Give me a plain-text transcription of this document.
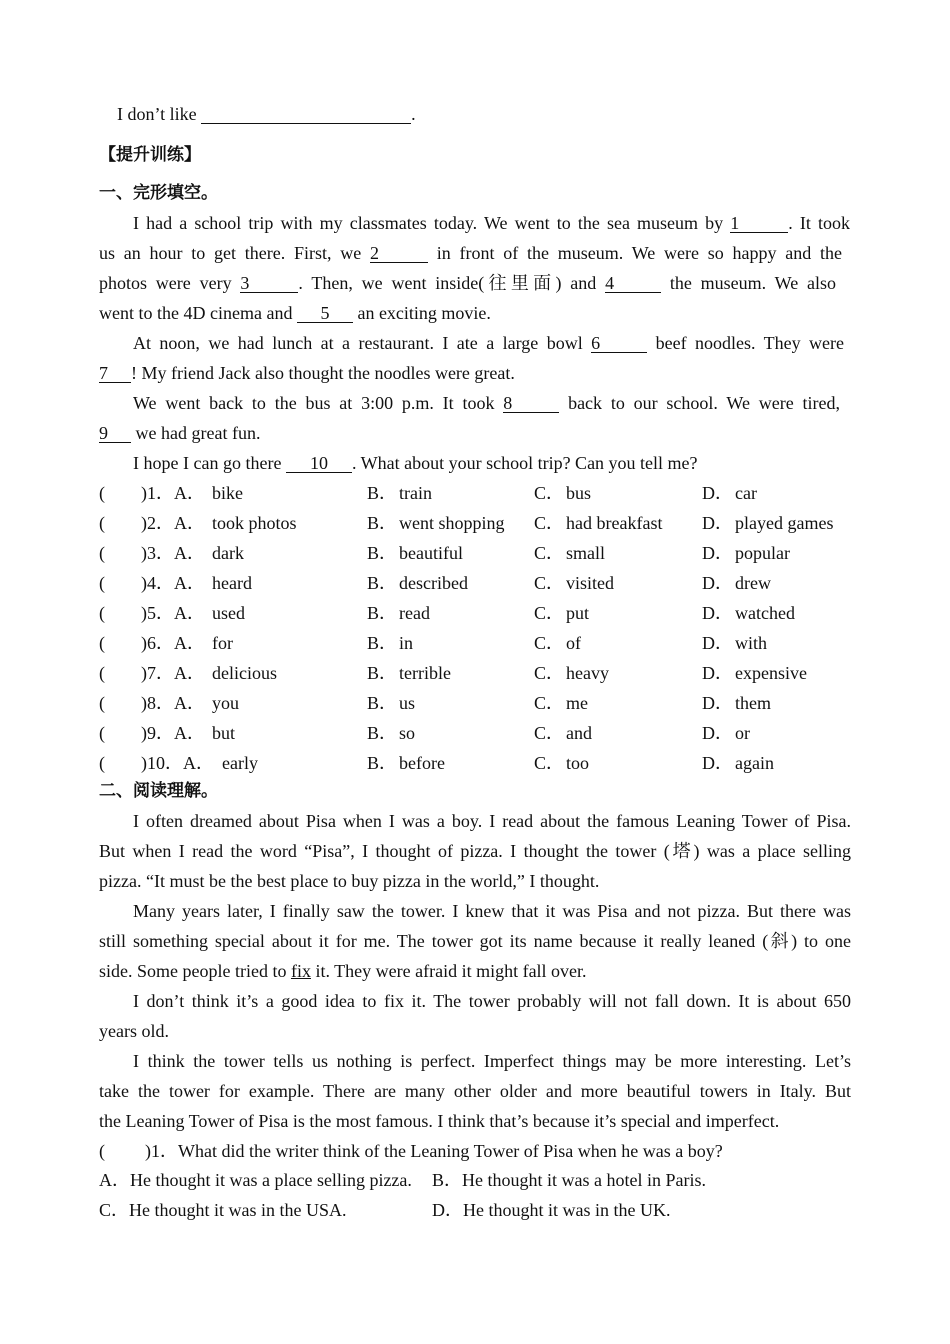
I don’t like	.
【提升训练】
一、完形填空。
I had a school trip with my classmates today. We went to the sea museum by 1	. It took
us an hour to get there. First, we 2	in front of the museum. We were so happy and the
photos were very 3	. Then, we went inside(往里面) and 4	the museum. We also
went to the 4D cinema and 5 an exciting movie.
At noon, we had lunch at a restaurant. I ate a large bowl 6	beef noodles. They were
7 ! My friend Jack also thought the noodles were great.
We went back to the bus at 3:00 p.m. It took 8	back to our school. We were tired,
9 we had great fun.
I hope I can go there 10 . What about your school trip? Can you tell me?
( )1．A． bike	B． train	C． bus	D． car
( )2．A． took photos	B． went shopping C． had breakfast D． played games
( )3．A． dark	B． beautiful	C． small	D． popular
( )4．A． heard	B． described	C． visited	D． drew
( )5．A． used	B． read	C． put	D． watched
( )6．A． for	B． in	C． of	D． with
( )7．A． delicious	B． terrible	C． heavy	D． expensive
( )8．A． you	B． us	C． me	D． them
( )9．A． but	B． so	C． and	D． or
( )10．A． early	B． before	C． too	D． again
二、阅读理解。
I often dreamed about Pisa when I was a boy. I read about the famous Leaning Tower of Pisa.
But when I read the word “Pisa”, I thought of pizza. I thought the tower (塔) was a place selling
pizza. “It must be the best place to buy pizza in the world,” I thought.
Many years later, I finally saw the tower. I knew that it was Pisa and not pizza. But there was
still something special about it for me. The tower got its name because it really leaned (斜) to one
side. Some people tried to fix it. They were afraid it might fall over.
I don’t think it’s a good idea to fix it. The tower probably will not fall down. It is about 650
years old.
I think the tower tells us nothing is perfect. Imperfect things may be more interesting. Let’s
take the tower for example. There are many other older and more beautiful towers in Italy. But
the Leaning Tower of Pisa is the most famous. I think that’s because it’s special and imperfect.
( )1．What did the writer think of the Leaning Tower of Pisa when he was a boy?
A．He thought it was a place selling pizza. B．He thought it was a hotel in Paris.
C．He thought it was in the USA.	D．He thought it was in the UK.
